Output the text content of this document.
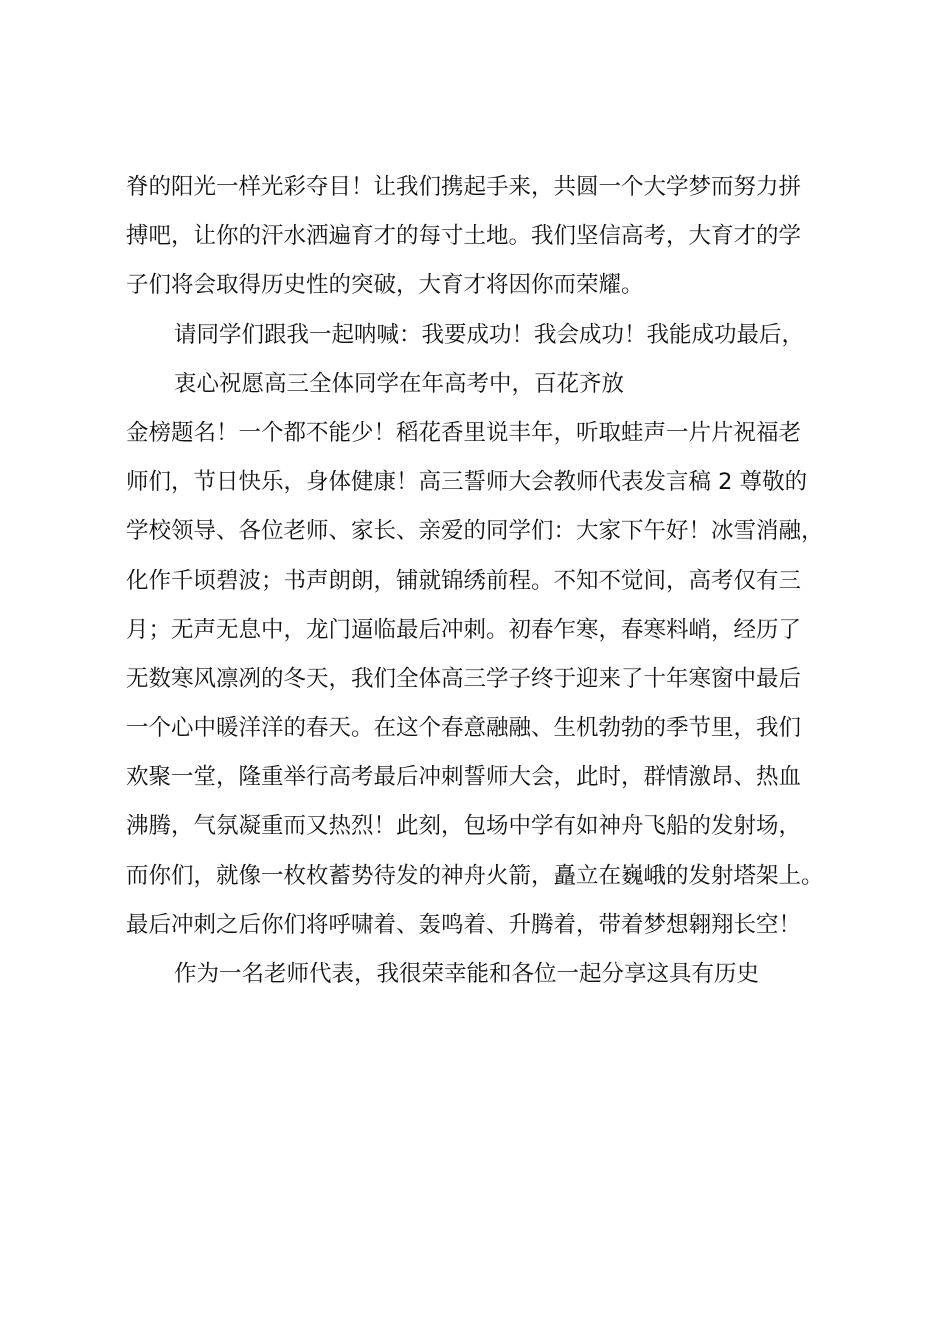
脊的阳光一样光彩夺目！让我们携起手来，共圆一个大学梦而努力拼
搏吧，让你的汗水洒遍育才的每寸土地。我们坚信高考，大育才的学
子们将会取得历史性的突破，大育才将因你而荣耀。
请同学们跟我一起呐喊：我要成功！我会成功！我能成功最后，
衷心祝愿高三全体同学在年高考中，百花齐放
金榜题名！一个都不能少！稻花香里说丰年，听取蛙声一片片祝福老
师们，节日快乐，身体健康！高三誓师大会教师代表发言稿 2 尊敬的
学校领导、各位老师、家长、亲爱的同学们：大家下午好！冰雪消融，
化作千顷碧波；书声朗朗，铺就锦绣前程。不知不觉间，高考仅有三
月；无声无息中，龙门逼临最后冲刺。初春乍寒，春寒料峭，经历了
无数寒风凛冽的冬天，我们全体高三学子终于迎来了十年寒窗中最后
一个心中暖洋洋的春天。在这个春意融融、生机勃勃的季节里，我们
欢聚一堂，隆重举行高考最后冲刺誓师大会，此时，群情激昂、热血
沸腾，气氛凝重而又热烈！此刻，包场中学有如神舟飞船的发射场，
而你们，就像一枚枚蓄势待发的神舟火箭，矗立在巍峨的发射塔架上。
最后冲刺之后你们将呼啸着、轰鸣着、升腾着，带着梦想翱翔长空！
作为一名老师代表，我很荣幸能和各位一起分享这具有历史
